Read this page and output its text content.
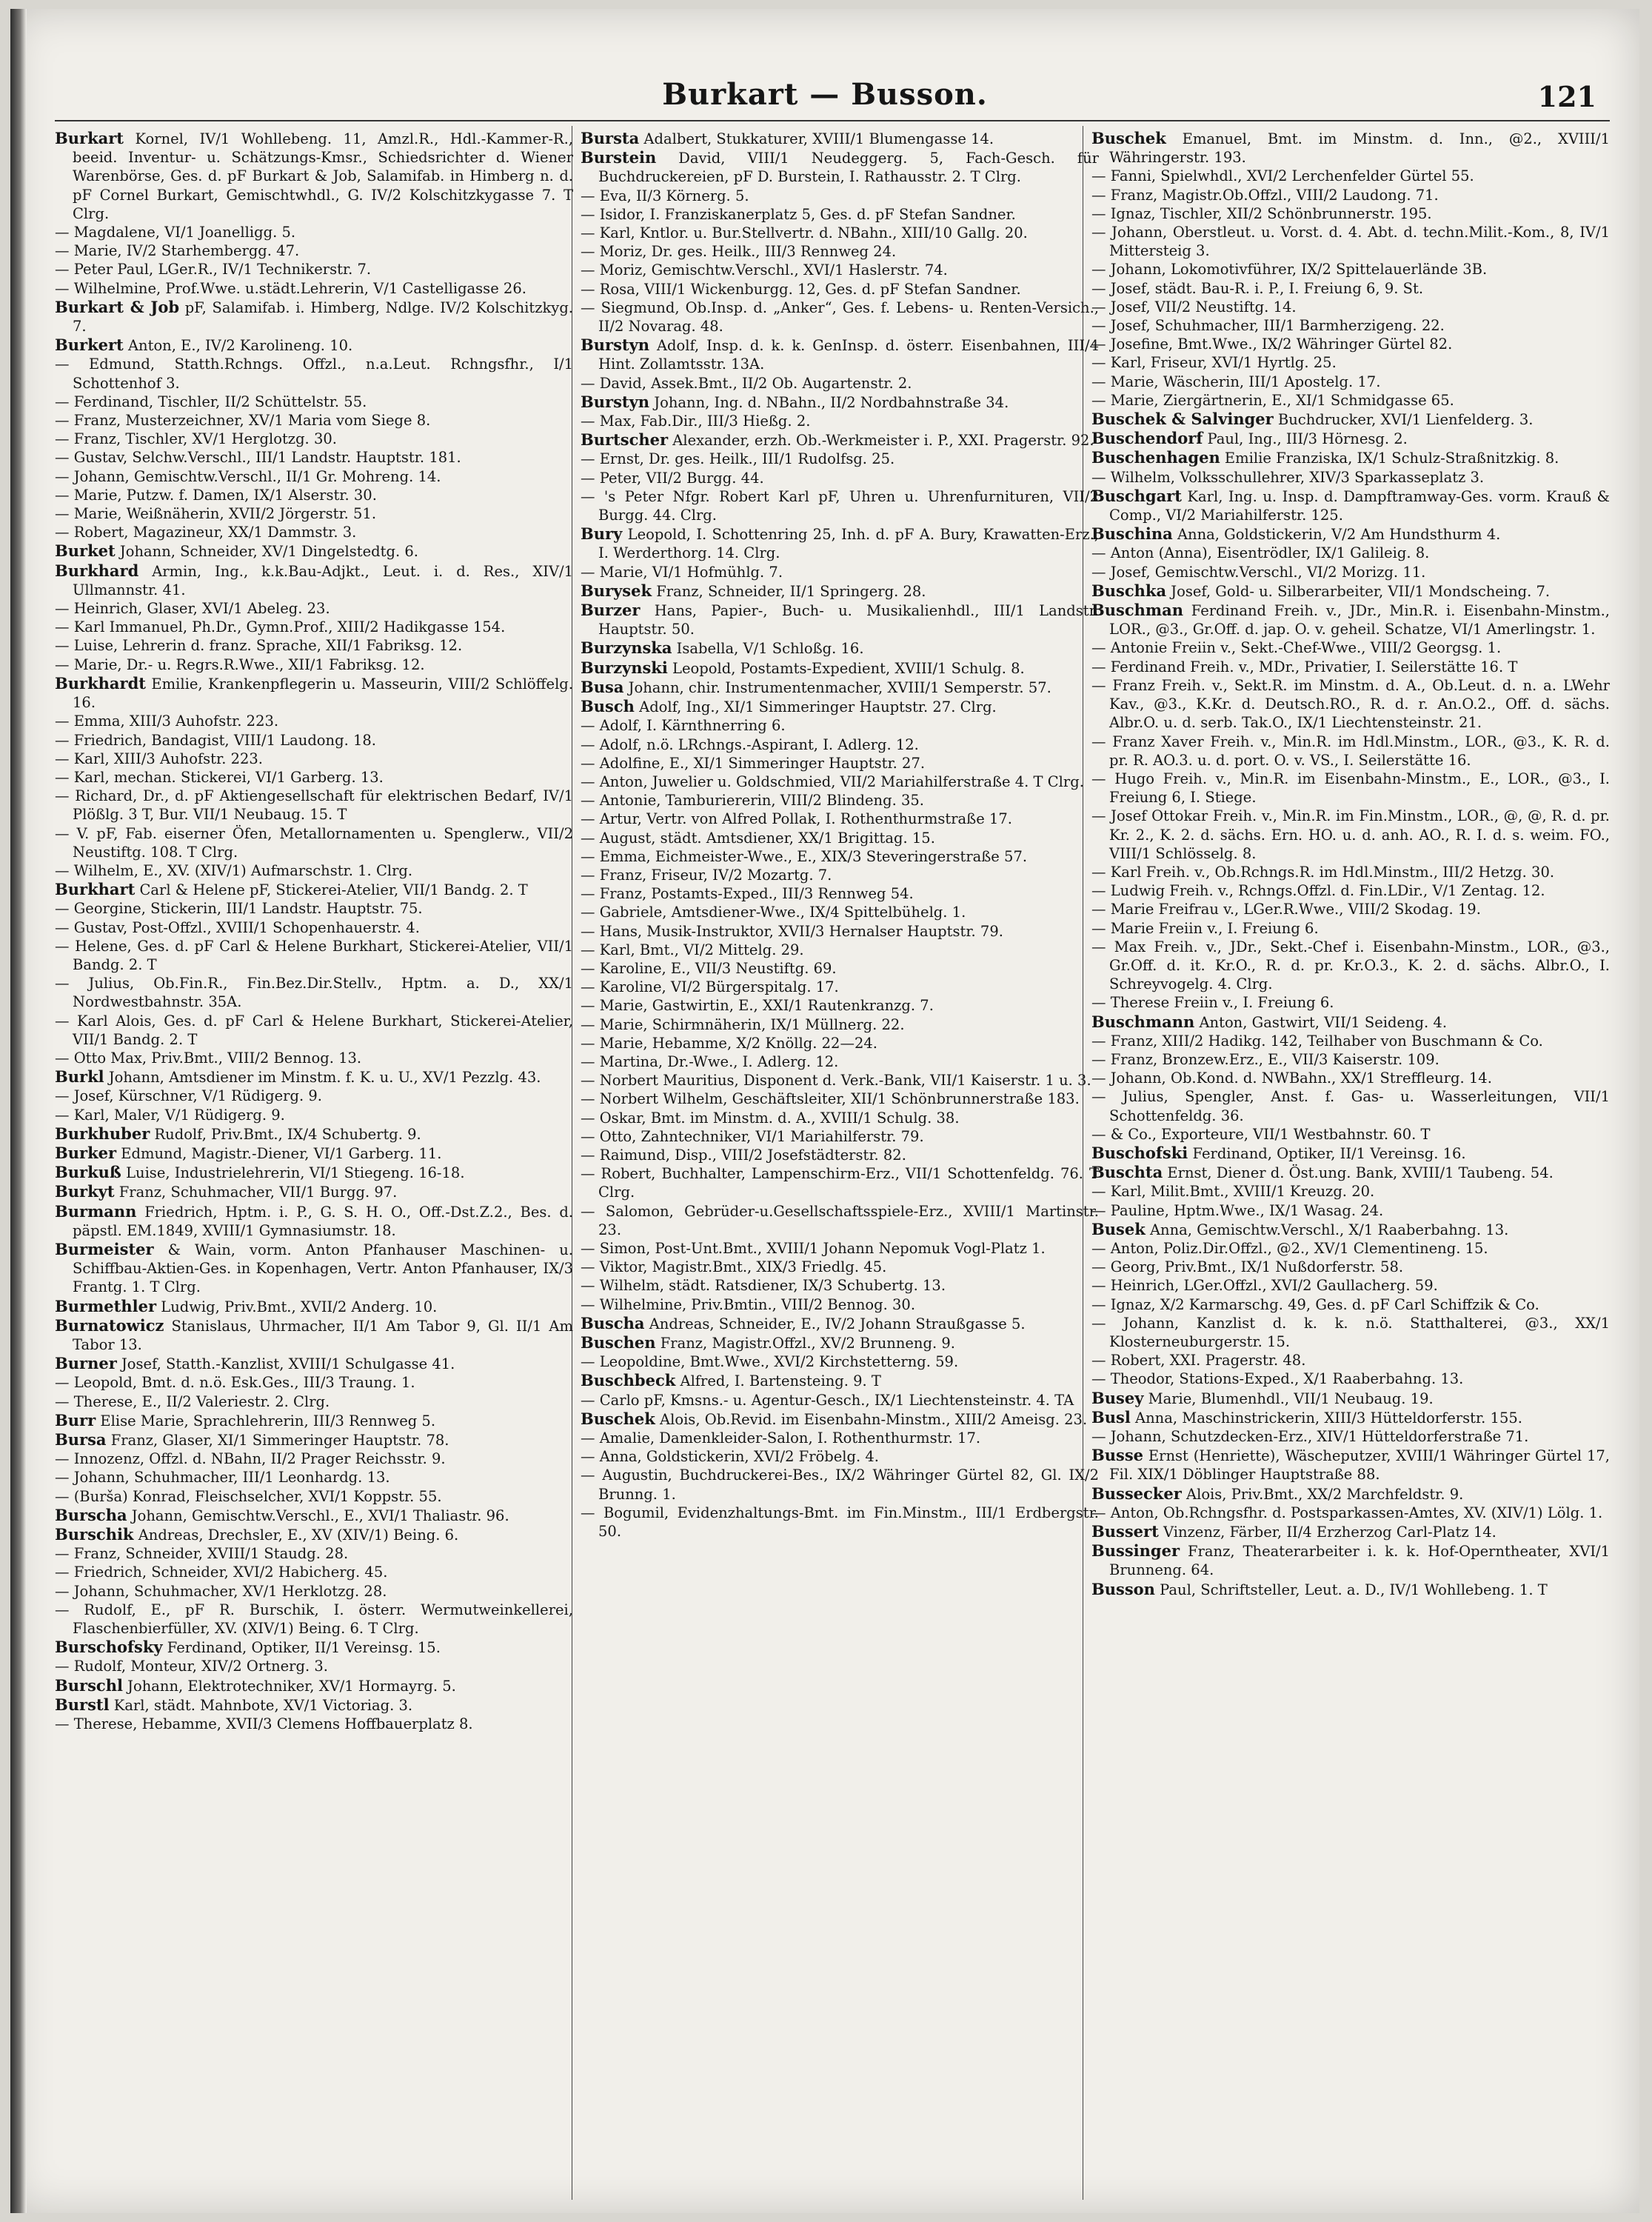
Burkart — Busson.	121
Burkart Kornel, IV/1 Wohllebeng. 11, Amzl.R., Hdl.-Kammer-R., beeid. Inventur- u. Schätzungs-Kmsr., Schiedsrichter d. Wiener Warenbörse, Ges. d. pF Burkart & Job, Salamifab. in Himberg n. d. pF Cornel Burkart, Gemischtwhdl., G. IV/2 Kolschitzkygasse 7. T Clrg.
— Magdalene, VI/1 Joanelligg. 5.
— Marie, IV/2 Starhembergg. 47.
— Peter Paul, LGer.R., IV/1 Technikerstr. 7.
— Wilhelmine, Prof.Wwe. u.städt.Lehrerin, V/1 Castelligasse 26.
Burkart & Job pF, Salamifab. i. Himberg, Ndlge. IV/2 Kolschitzkyg. 7.
Burkert Anton, E., IV/2 Karolineng. 10.
— Edmund, Statth.Rchngs. Offzl., n.a.Leut. Rchngsfhr., I/1 Schottenhof 3.
— Ferdinand, Tischler, II/2 Schüttelstr. 55.
— Franz, Musterzeichner, XV/1 Maria vom Siege 8.
— Franz, Tischler, XV/1 Herglotzg. 30.
— Gustav, Selchw.Verschl., III/1 Landstr. Hauptstr. 181.
— Johann, Gemischtw.Verschl., II/1 Gr. Mohreng. 14.
— Marie, Putzw. f. Damen, IX/1 Alserstr. 30.
— Marie, Weißnäherin, XVII/2 Jörgerstr. 51.
— Robert, Magazineur, XX/1 Dammstr. 3.
Burket Johann, Schneider, XV/1 Dingelstedtg. 6.
Burkhard Armin, Ing., k.k.Bau-Adjkt., Leut. i. d. Res., XIV/1 Ullmannstr. 41.
— Heinrich, Glaser, XVI/1 Abeleg. 23.
— Karl Immanuel, Ph.Dr., Gymn.Prof., XIII/2 Hadikgasse 154.
— Luise, Lehrerin d. franz. Sprache, XII/1 Fabriksg. 12.
— Marie, Dr.- u. Regrs.R.Wwe., XII/1 Fabriksg. 12.
Burkhardt Emilie, Krankenpflegerin u. Masseurin, VIII/2 Schlöffelg. 16.
— Emma, XIII/3 Auhofstr. 223.
— Friedrich, Bandagist, VIII/1 Laudong. 18.
— Karl, XIII/3 Auhofstr. 223.
— Karl, mechan. Stickerei, VI/1 Garberg. 13.
— Richard, Dr., d. pF Aktiengesellschaft für elektrischen Bedarf, IV/1 Plößlg. 3 T, Bur. VII/1 Neubaug. 15. T
— V. pF, Fab. eiserner Öfen, Metallornamenten u. Spenglerw., VII/2 Neustiftg. 108. T Clrg.
— Wilhelm, E., XV. (XIV/1) Aufmarschstr. 1. Clrg.
Burkhart Carl & Helene pF, Stickerei-Atelier, VII/1 Bandg. 2. T
— Georgine, Stickerin, III/1 Landstr. Hauptstr. 75.
— Gustav, Post-Offzl., XVIII/1 Schopenhauerstr. 4.
— Helene, Ges. d. pF Carl & Helene Burkhart, Stickerei-Atelier, VII/1 Bandg. 2. T
— Julius, Ob.Fin.R., Fin.Bez.Dir.Stellv., Hptm. a. D., XX/1 Nordwestbahnstr. 35A.
— Karl Alois, Ges. d. pF Carl & Helene Burkhart, Stickerei-Atelier, VII/1 Bandg. 2. T
— Otto Max, Priv.Bmt., VIII/2 Bennog. 13.
Burkl Johann, Amtsdiener im Minstm. f. K. u. U., XV/1 Pezzlg. 43.
— Josef, Kürschner, V/1 Rüdigerg. 9.
— Karl, Maler, V/1 Rüdigerg. 9.
Burkhuber Rudolf, Priv.Bmt., IX/4 Schubertg. 9.
Burker Edmund, Magistr.-Diener, VI/1 Garberg. 11.
Burkuß Luise, Industrielehrerin, VI/1 Stiegeng. 16-18.
Burkyt Franz, Schuhmacher, VII/1 Burgg. 97.
Burmann Friedrich, Hptm. i. P., G. S. H. O., Off.-Dst.Z.2., Bes. d. päpstl. EM.1849, XVIII/1 Gymnasiumstr. 18.
Burmeister & Wain, vorm. Anton Pfanhauser Maschinen- u. Schiffbau-Aktien-Ges. in Kopenhagen, Vertr. Anton Pfanhauser, IX/3 Frantg. 1. T Clrg.
Burmethler Ludwig, Priv.Bmt., XVII/2 Anderg. 10.
Burnatowicz Stanislaus, Uhrmacher, II/1 Am Tabor 9, Gl. II/1 Am Tabor 13.
Burner Josef, Statth.-Kanzlist, XVIII/1 Schulgasse 41.
— Leopold, Bmt. d. n.ö. Esk.Ges., III/3 Traung. 1.
— Therese, E., II/2 Valeriestr. 2. Clrg.
Burr Elise Marie, Sprachlehrerin, III/3 Rennweg 5.
Bursa Franz, Glaser, XI/1 Simmeringer Hauptstr. 78.
— Innozenz, Offzl. d. NBahn, II/2 Prager Reichsstr. 9.
— Johann, Schuhmacher, III/1 Leonhardg. 13.
— (Burša) Konrad, Fleischselcher, XVI/1 Koppstr. 55.
Burscha Johann, Gemischtw.Verschl., E., XVI/1 Thaliastr. 96.
Burschik Andreas, Drechsler, E., XV (XIV/1) Being. 6.
— Franz, Schneider, XVIII/1 Staudg. 28.
— Friedrich, Schneider, XVI/2 Habicherg. 45.
— Johann, Schuhmacher, XV/1 Herklotzg. 28.
— Rudolf, E., pF R. Burschik, I. österr. Wermutweinkellerei, Flaschenbierfüller, XV. (XIV/1) Being. 6. T Clrg.
Burschofsky Ferdinand, Optiker, II/1 Vereinsg. 15.
— Rudolf, Monteur, XIV/2 Ortnerg. 3.
Burschl Johann, Elektrotechniker, XV/1 Hormayrg. 5.
Burstl Karl, städt. Mahnbote, XV/1 Victoriag. 3.
— Therese, Hebamme, XVII/3 Clemens Hoffbauerplatz 8.
Bursta Adalbert, Stukkaturer, XVIII/1 Blumengasse 14.
Burstein David, VIII/1 Neudeggerg. 5, Fach-Gesch. für Buchdruckereien, pF D. Burstein, I. Rathausstr. 2. T Clrg.
— Eva, II/3 Körnerg. 5.
— Isidor, I. Franziskanerplatz 5, Ges. d. pF Stefan Sandner.
— Karl, Kntlor. u. Bur.Stellvertr. d. NBahn., XIII/10 Gallg. 20.
— Moriz, Dr. ges. Heilk., III/3 Rennweg 24.
— Moriz, Gemischtw.Verschl., XVI/1 Haslerstr. 74.
— Rosa, VIII/1 Wickenburgg. 12, Ges. d. pF Stefan Sandner.
— Siegmund, Ob.Insp. d. „Anker“, Ges. f. Lebens- u. Renten-Versich., II/2 Novarag. 48.
Burstyn Adolf, Insp. d. k. k. GenInsp. d. österr. Eisenbahnen, III/4 Hint. Zollamtsstr. 13A.
— David, Assek.Bmt., II/2 Ob. Augartenstr. 2.
Burstyn Johann, Ing. d. NBahn., II/2 Nordbahnstraße 34.
— Max, Fab.Dir., III/3 Hießg. 2.
Burtscher Alexander, erzh. Ob.-Werkmeister i. P., XXI. Pragerstr. 92.
— Ernst, Dr. ges. Heilk., III/1 Rudolfsg. 25.
— Peter, VII/2 Burgg. 44.
— 's Peter Nfgr. Robert Karl pF, Uhren u. Uhrenfurnituren, VII/2 Burgg. 44. Clrg.
Bury Leopold, I. Schottenring 25, Inh. d. pF A. Bury, Krawatten-Erz., I. Werderthorg. 14. Clrg.
— Marie, VI/1 Hofmühlg. 7.
Burysek Franz, Schneider, II/1 Springerg. 28.
Burzer Hans, Papier-, Buch- u. Musikalienhdl., III/1 Landstr. Hauptstr. 50.
Burzynska Isabella, V/1 Schloßg. 16.
Burzynski Leopold, Postamts-Expedient, XVIII/1 Schulg. 8.
Busa Johann, chir. Instrumentenmacher, XVIII/1 Semperstr. 57.
Busch Adolf, Ing., XI/1 Simmeringer Hauptstr. 27. Clrg.
— Adolf, I. Kärnthnerring 6.
— Adolf, n.ö. LRchngs.-Aspirant, I. Adlerg. 12.
— Adolfine, E., XI/1 Simmeringer Hauptstr. 27.
— Anton, Juwelier u. Goldschmied, VII/2 Mariahilferstraße 4. T Clrg.
— Antonie, Tamburiererin, VIII/2 Blindeng. 35.
— Artur, Vertr. von Alfred Pollak, I. Rothenthurmstraße 17.
— August, städt. Amtsdiener, XX/1 Brigittag. 15.
— Emma, Eichmeister-Wwe., E., XIX/3 Steveringerstraße 57.
— Franz, Friseur, IV/2 Mozartg. 7.
— Franz, Postamts-Exped., III/3 Rennweg 54.
— Gabriele, Amtsdiener-Wwe., IX/4 Spittelbühelg. 1.
— Hans, Musik-Instruktor, XVII/3 Hernalser Hauptstr. 79.
— Karl, Bmt., VI/2 Mittelg. 29.
— Karoline, E., VII/3 Neustiftg. 69.
— Karoline, VI/2 Bürgerspitalg. 17.
— Marie, Gastwirtin, E., XXI/1 Rautenkranzg. 7.
— Marie, Schirmnäherin, IX/1 Müllnerg. 22.
— Marie, Hebamme, X/2 Knöllg. 22—24.
— Martina, Dr.-Wwe., I. Adlerg. 12.
— Norbert Mauritius, Disponent d. Verk.-Bank, VII/1 Kaiserstr. 1 u. 3.
— Norbert Wilhelm, Geschäftsleiter, XII/1 Schönbrunnerstraße 183.
— Oskar, Bmt. im Minstm. d. A., XVIII/1 Schulg. 38.
— Otto, Zahntechniker, VI/1 Mariahilferstr. 79.
— Raimund, Disp., VIII/2 Josefstädterstr. 82.
— Robert, Buchhalter, Lampenschirm-Erz., VII/1 Schottenfeldg. 76. T Clrg.
— Salomon, Gebrüder-u.Gesellschaftsspiele-Erz., XVIII/1 Martinstr. 23.
— Simon, Post-Unt.Bmt., XVIII/1 Johann Nepomuk Vogl-Platz 1.
— Viktor, Magistr.Bmt., XIX/3 Friedlg. 45.
— Wilhelm, städt. Ratsdiener, IX/3 Schubertg. 13.
— Wilhelmine, Priv.Bmtin., VIII/2 Bennog. 30.
Buscha Andreas, Schneider, E., IV/2 Johann Straußgasse 5.
Buschen Franz, Magistr.Offzl., XV/2 Brunneng. 9.
— Leopoldine, Bmt.Wwe., XVI/2 Kirchstetterng. 59.
Buschbeck Alfred, I. Bartensteing. 9. T
— Carlo pF, Kmsns.- u. Agentur-Gesch., IX/1 Liechtensteinstr. 4. TA
Buschek Alois, Ob.Revid. im Eisenbahn-Minstm., XIII/2 Ameisg. 23.
— Amalie, Damenkleider-Salon, I. Rothenthurmstr. 17.
— Anna, Goldstickerin, XVI/2 Fröbelg. 4.
— Augustin, Buchdruckerei-Bes., IX/2 Währinger Gürtel 82, Gl. IX/2 Brunng. 1.
— Bogumil, Evidenzhaltungs-Bmt. im Fin.Minstm., III/1 Erdbergstr. 50.
Buschek Emanuel, Bmt. im Minstm. d. Inn., @2., XVIII/1 Währingerstr. 193.
— Fanni, Spielwhdl., XVI/2 Lerchenfelder Gürtel 55.
— Franz, Magistr.Ob.Offzl., VIII/2 Laudong. 71.
— Ignaz, Tischler, XII/2 Schönbrunnerstr. 195.
— Johann, Oberstleut. u. Vorst. d. 4. Abt. d. techn.Milit.-Kom., 8, IV/1 Mittersteig 3.
— Johann, Lokomotivführer, IX/2 Spittelauerlände 3B.
— Josef, städt. Bau-R. i. P., I. Freiung 6, 9. St.
— Josef, VII/2 Neustiftg. 14.
— Josef, Schuhmacher, III/1 Barmherzigeng. 22.
— Josefine, Bmt.Wwe., IX/2 Währinger Gürtel 82.
— Karl, Friseur, XVI/1 Hyrtlg. 25.
— Marie, Wäscherin, III/1 Apostelg. 17.
— Marie, Ziergärtnerin, E., XI/1 Schmidgasse 65.
Buschek & Salvinger Buchdrucker, XVI/1 Lienfelderg. 3.
Buschendorf Paul, Ing., III/3 Hörnesg. 2.
Buschenhagen Emilie Franziska, IX/1 Schulz-Straßnitzkig. 8.
— Wilhelm, Volksschullehrer, XIV/3 Sparkasseplatz 3.
Buschgart Karl, Ing. u. Insp. d. Dampftramway-Ges. vorm. Krauß & Comp., VI/2 Mariahilferstr. 125.
Buschina Anna, Goldstickerin, V/2 Am Hundsthurm 4.
— Anton (Anna), Eisentrödler, IX/1 Galileig. 8.
— Josef, Gemischtw.Verschl., VI/2 Morizg. 11.
Buschka Josef, Gold- u. Silberarbeiter, VII/1 Mondscheing. 7.
Buschman Ferdinand Freih. v., JDr., Min.R. i. Eisenbahn-Minstm., LOR., @3., Gr.Off. d. jap. O. v. geheil. Schatze, VI/1 Amerlingstr. 1.
— Antonie Freiin v., Sekt.-Chef-Wwe., VIII/2 Georgsg. 1.
— Ferdinand Freih. v., MDr., Privatier, I. Seilerstätte 16. T
— Franz Freih. v., Sekt.R. im Minstm. d. A., Ob.Leut. d. n. a. LWehr Kav., @3., K.Kr. d. Deutsch.RO., R. d. r. An.O.2., Off. d. sächs. Albr.O. u. d. serb. Tak.O., IX/1 Liechtensteinstr. 21.
— Franz Xaver Freih. v., Min.R. im Hdl.Minstm., LOR., @3., K. R. d. pr. R. AO.3. u. d. port. O. v. VS., I. Seilerstätte 16.
— Hugo Freih. v., Min.R. im Eisenbahn-Minstm., E., LOR., @3., I. Freiung 6, I. Stiege.
— Josef Ottokar Freih. v., Min.R. im Fin.Minstm., LOR., @, @, R. d. pr. Kr. 2., K. 2. d. sächs. Ern. HO. u. d. anh. AO., R. I. d. s. weim. FO., VIII/1 Schlösselg. 8.
— Karl Freih. v., Ob.Rchngs.R. im Hdl.Minstm., III/2 Hetzg. 30.
— Ludwig Freih. v., Rchngs.Offzl. d. Fin.LDir., V/1 Zentag. 12.
— Marie Freifrau v., LGer.R.Wwe., VIII/2 Skodag. 19.
— Marie Freiin v., I. Freiung 6.
— Max Freih. v., JDr., Sekt.-Chef i. Eisenbahn-Minstm., LOR., @3., Gr.Off. d. it. Kr.O., R. d. pr. Kr.O.3., K. 2. d. sächs. Albr.O., I. Schreyvogelg. 4. Clrg.
— Therese Freiin v., I. Freiung 6.
Buschmann Anton, Gastwirt, VII/1 Seideng. 4.
— Franz, XIII/2 Hadikg. 142, Teilhaber von Buschmann & Co.
— Franz, Bronzew.Erz., E., VII/3 Kaiserstr. 109.
— Johann, Ob.Kond. d. NWBahn., XX/1 Streffleurg. 14.
— Julius, Spengler, Anst. f. Gas- u. Wasserleitungen, VII/1 Schottenfeldg. 36.
— & Co., Exporteure, VII/1 Westbahnstr. 60. T
Buschofski Ferdinand, Optiker, II/1 Vereinsg. 16.
Buschta Ernst, Diener d. Öst.ung. Bank, XVIII/1 Taubeng. 54.
— Karl, Milit.Bmt., XVIII/1 Kreuzg. 20.
— Pauline, Hptm.Wwe., IX/1 Wasag. 24.
Busek Anna, Gemischtw.Verschl., X/1 Raaberbahng. 13.
— Anton, Poliz.Dir.Offzl., @2., XV/1 Clementineng. 15.
— Georg, Priv.Bmt., IX/1 Nußdorferstr. 58.
— Heinrich, LGer.Offzl., XVI/2 Gaullacherg. 59.
— Ignaz, X/2 Karmarschg. 49, Ges. d. pF Carl Schiffzik & Co.
— Johann, Kanzlist d. k. k. n.ö. Statthalterei, @3., XX/1 Klosterneuburgerstr. 15.
— Robert, XXI. Pragerstr. 48.
— Theodor, Stations-Exped., X/1 Raaberbahng. 13.
Busey Marie, Blumenhdl., VII/1 Neubaug. 19.
Busl Anna, Maschinstrickerin, XIII/3 Hütteldorferstr. 155.
— Johann, Schutzdecken-Erz., XIV/1 Hütteldorferstraße 71.
Busse Ernst (Henriette), Wäscheputzer, XVIII/1 Währinger Gürtel 17, Fil. XIX/1 Döblinger Hauptstraße 88.
Bussecker Alois, Priv.Bmt., XX/2 Marchfeldstr. 9.
— Anton, Ob.Rchngsfhr. d. Postsparkassen-Amtes, XV. (XIV/1) Lölg. 1.
Bussert Vinzenz, Färber, II/4 Erzherzog Carl-Platz 14.
Bussinger Franz, Theaterarbeiter i. k. k. Hof-Operntheater, XVI/1 Brunneng. 64.
Busson Paul, Schriftsteller, Leut. a. D., IV/1 Wohllebeng. 1. T
